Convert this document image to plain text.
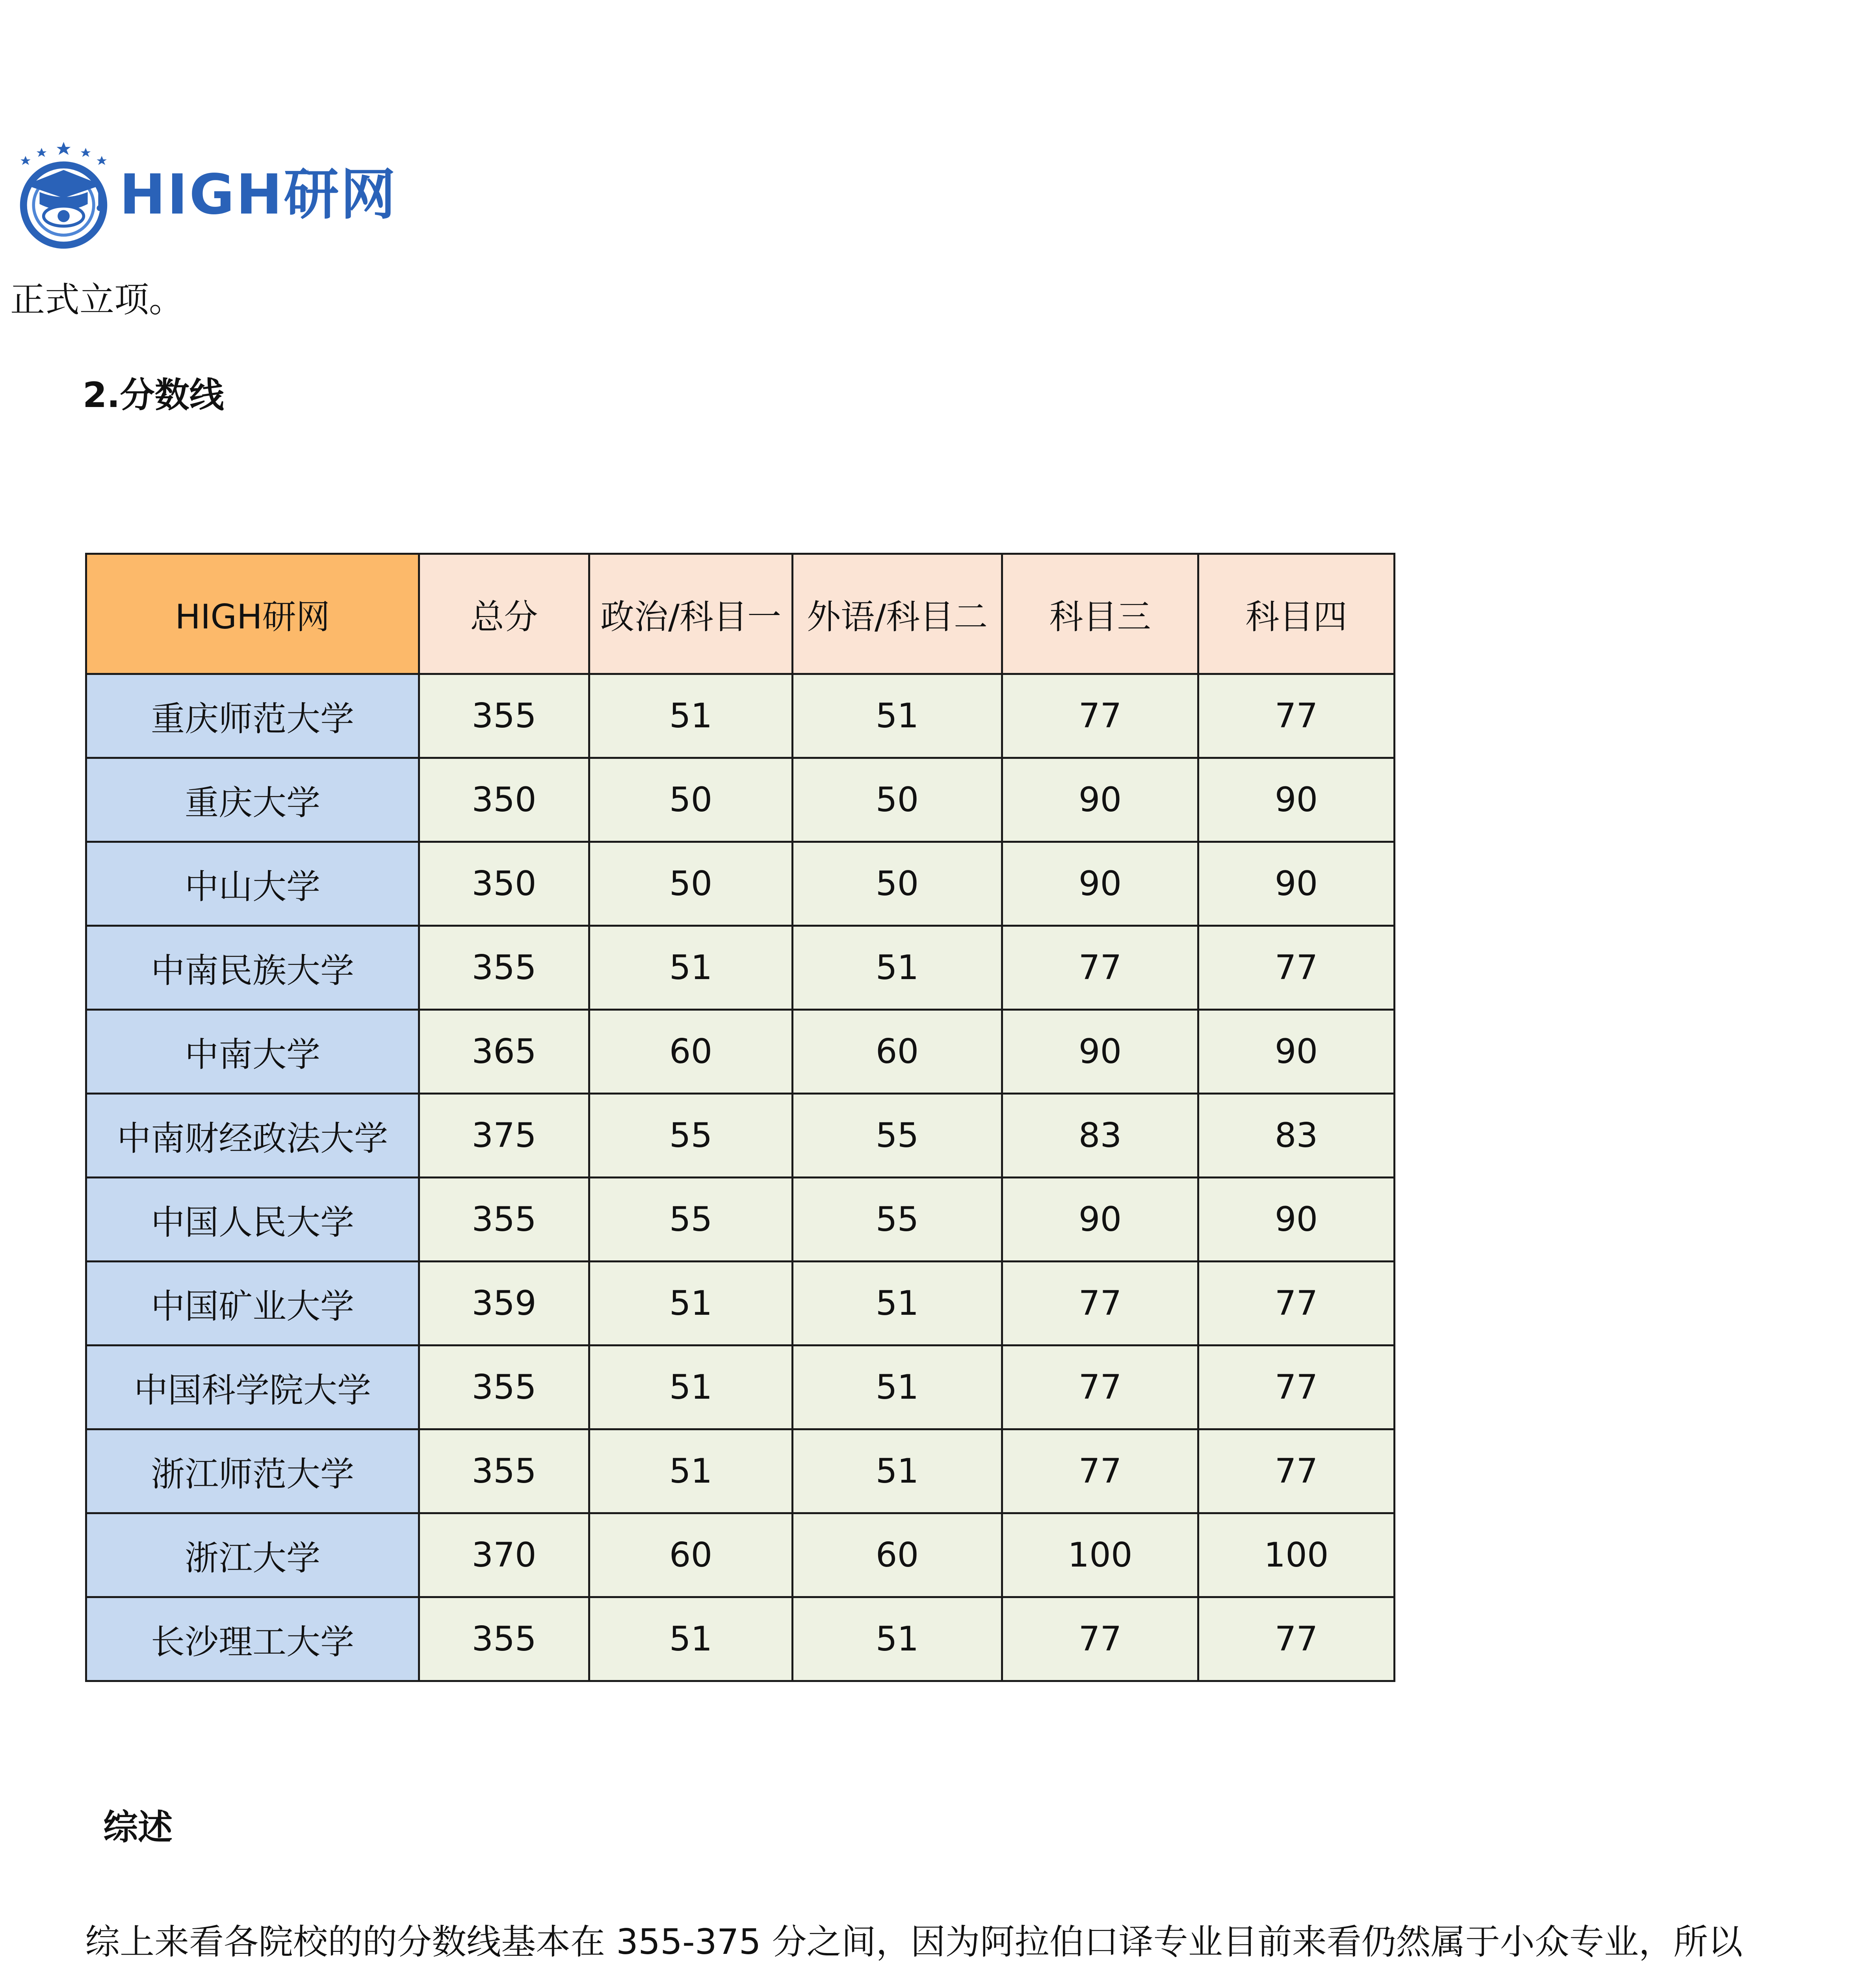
HIGH研网
正式立项。
2.分数线
HIGH研网	总分	政治/科目一	外语/科目二	科目三	科目四
重庆师范大学	355	51	51	77	77
重庆大学	350	50	50	90	90
中山大学	350	50	50	90	90
中南民族大学	355	51	51	77	77
中南大学	365	60	60	90	90
中南财经政法大学	375	55	55	83	83
中国人民大学	355	55	55	90	90
中国矿业大学	359	51	51	77	77
中国科学院大学	355	51	51	77	77
浙江师范大学	355	51	51	77	77
浙江大学	370	60	60	100	100
长沙理工大学	355	51	51	77	77
综述
综上来看各院校的的分数线基本在 355-375 分之间，因为阿拉伯口译专业目前来看仍然属于小众专业，所以
